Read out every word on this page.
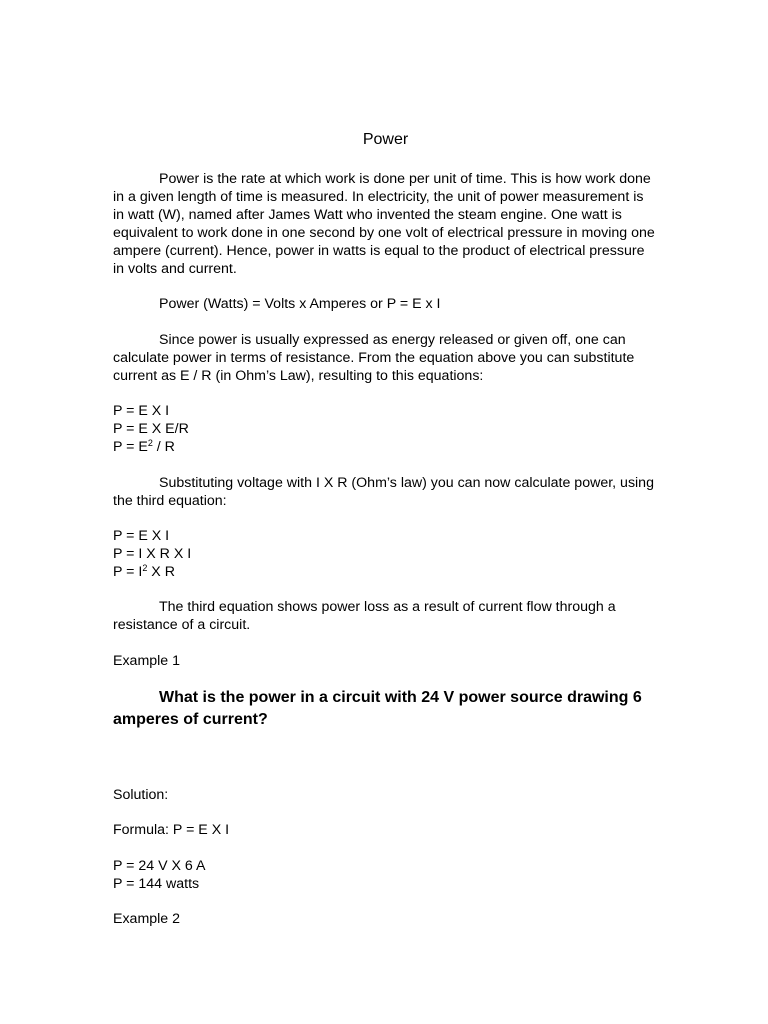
Power

Power is the rate at which work is done per unit of time. This is how work done in a given length of time is measured. In electricity, the unit of power measurement is in watt (W), named after James Watt who invented the steam engine. One watt is equivalent to work done in one second by one volt of electrical pressure in moving one ampere (current). Hence, power in watts is equal to the product of electrical pressure in volts and current.

Power (Watts) = Volts x Amperes or P = E x I

Since power is usually expressed as energy released or given off, one can calculate power in terms of resistance. From the equation above you can substitute current as E / R (in Ohm’s Law), resulting to this equations:

P = E X I

P = E X E/R

$P = E^2 / R$

Substituting voltage with I X R (Ohm’s law) you can now calculate power, using the third equation:

P = E X I

P = I X R X I

$P = I^2$ X R

The third equation shows power loss as a result of current flow through a resistance of a circuit.

Example 1

What is the power in a circuit with 24 V power source drawing 6 amperes of current?

Solution:

Formula: P = E X I

P = 24 V X 6 A

P = 144 watts

Example 2
